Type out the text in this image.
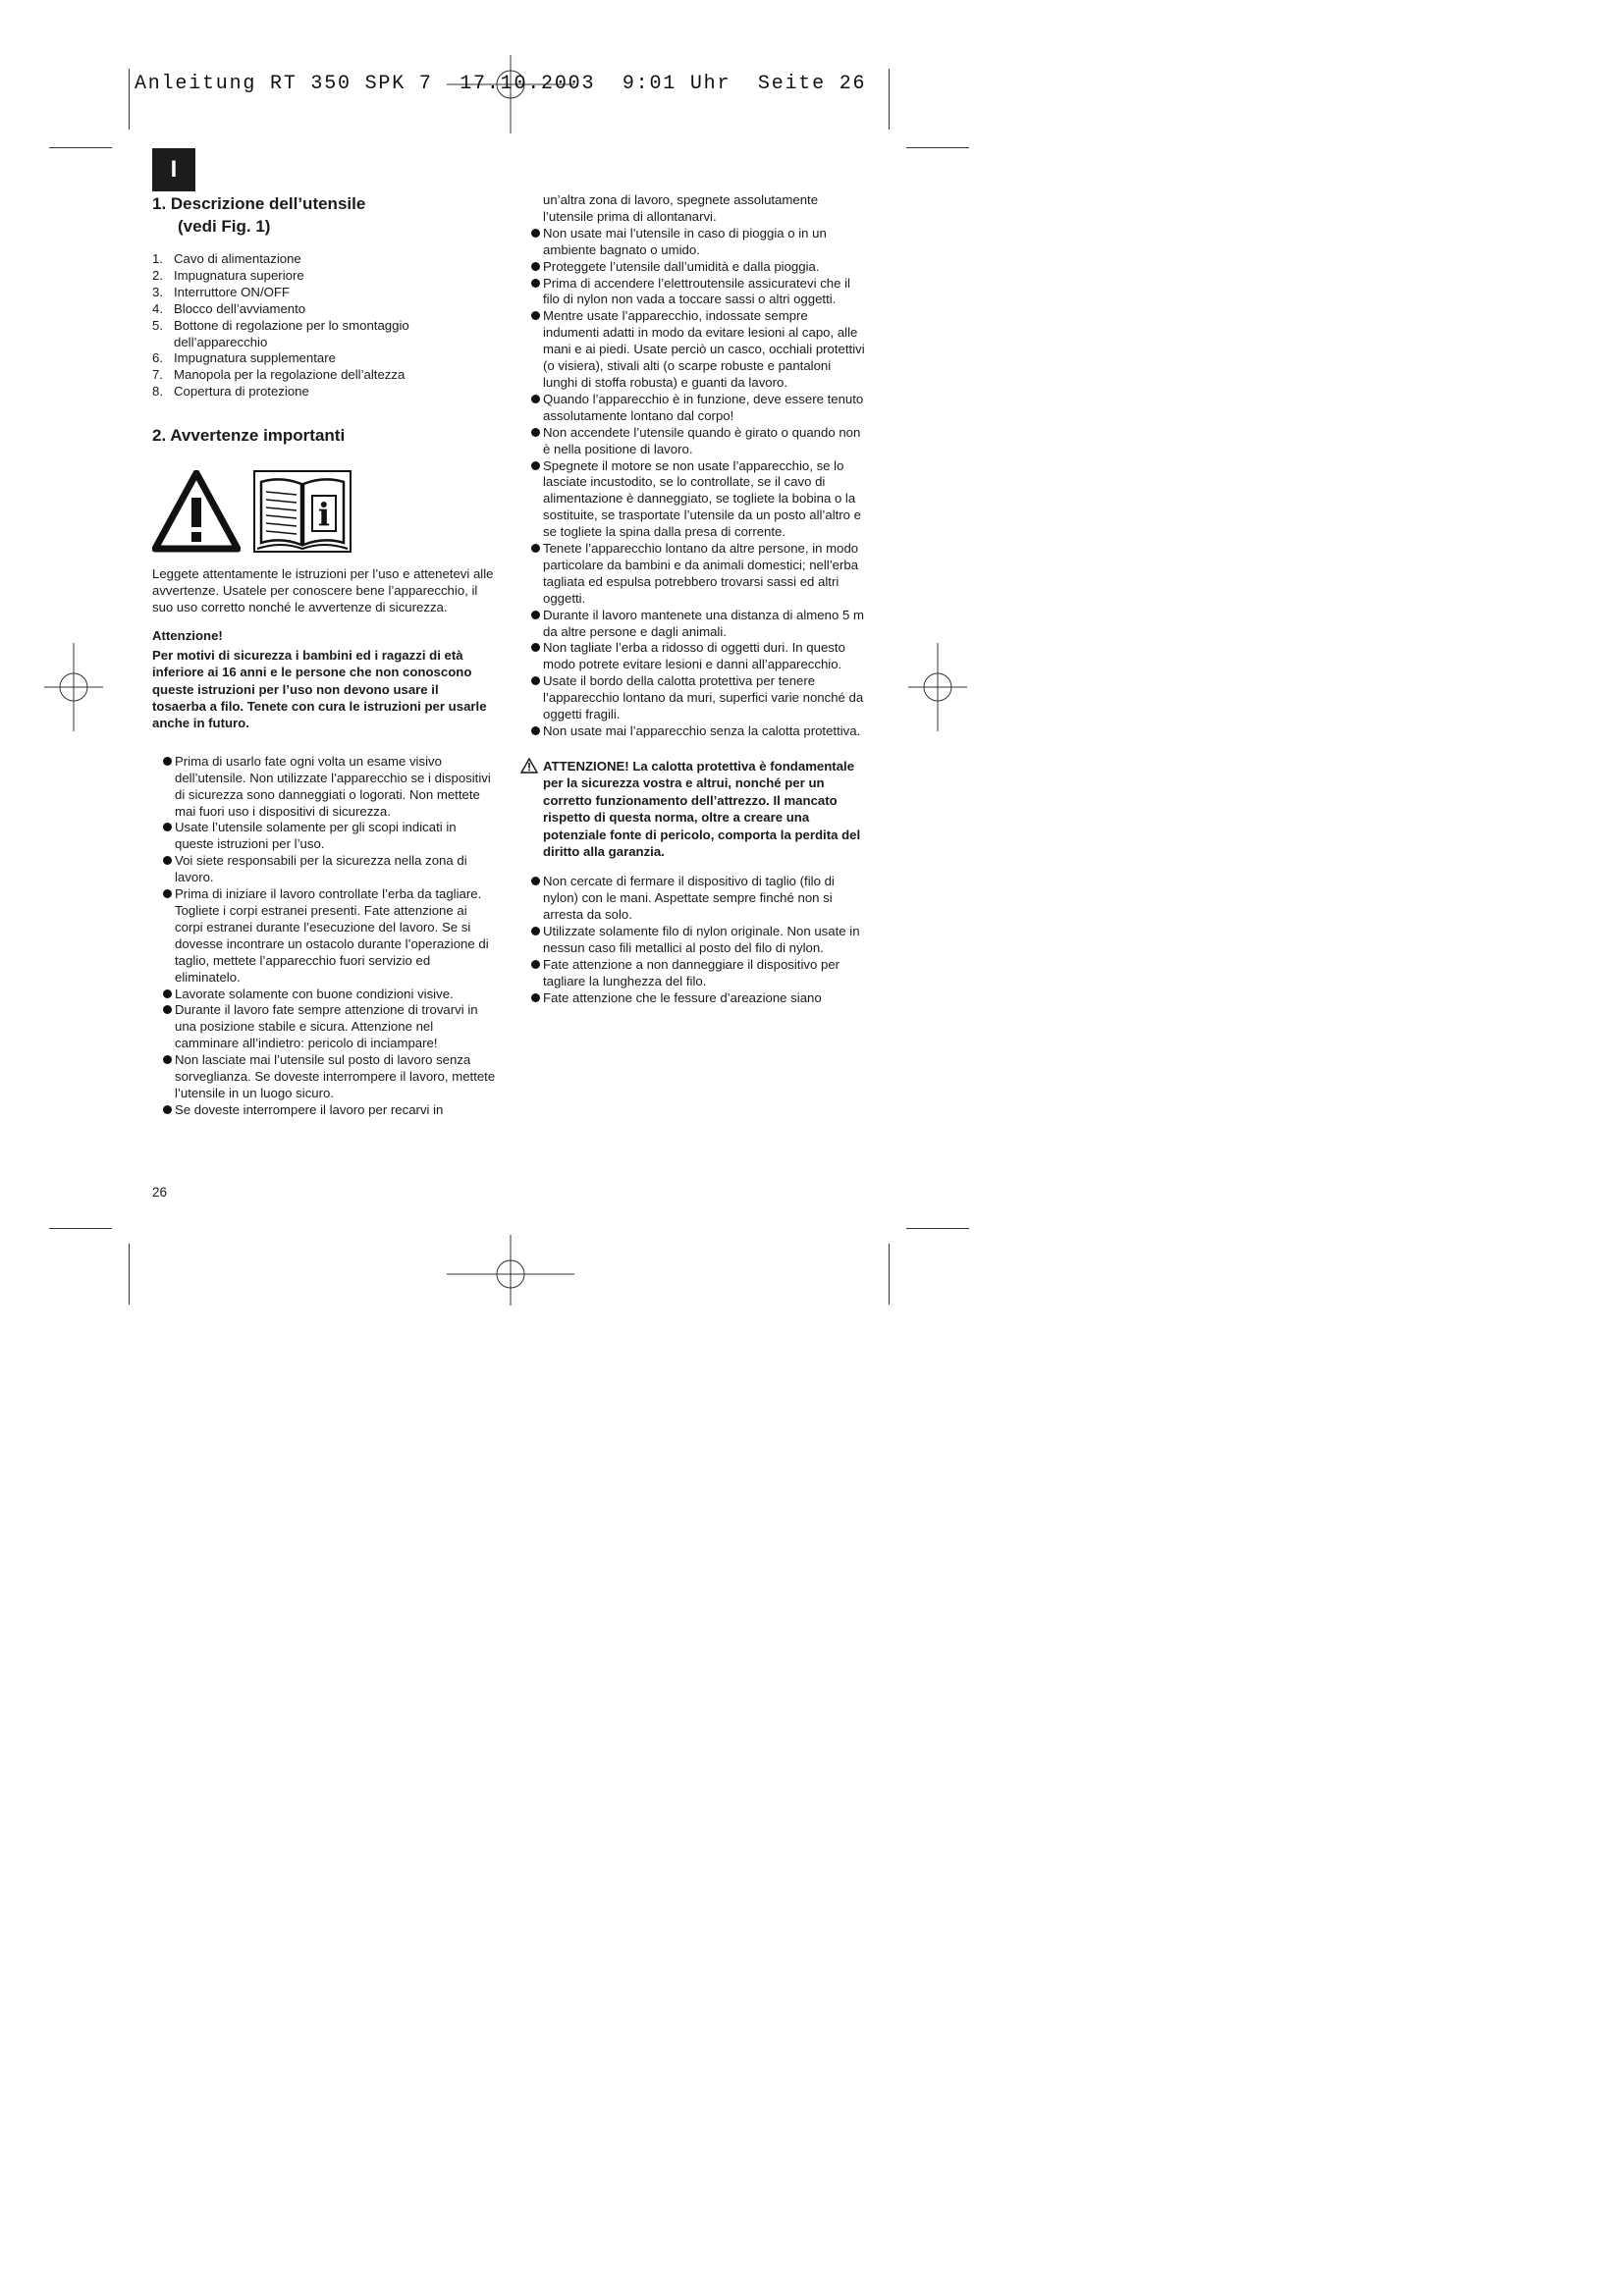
Anleitung RT 350 SPK 7  17.10.2003  9:01 Uhr  Seite 26
I
1. Descrizione dell’utensile
(vedi Fig. 1)
1. Cavo di alimentazione
2. Impugnatura superiore
3. Interruttore ON/OFF
4. Blocco dell’avviamento
5. Bottone di regolazione per lo smontaggio dell’apparecchio
6. Impugnatura supplementare
7. Manopola per la regolazione dell’altezza
8. Copertura di protezione
2. Avvertenze importanti
i

Leggete attentamente le istruzioni per l’uso e attenetevi alle avvertenze. Usatele per conoscere bene l’apparecchio, il suo uso corretto nonché le avvertenze di sicurezza.

Attenzione!

Per motivi di sicurezza i bambini ed i ragazzi di età inferiore ai 16 anni e le persone che non conoscono queste istruzioni per l’uso non devono usare il tosaerba a filo. Tenete con cura le istruzioni per usarle anche in futuro.

Prima di usarlo fate ogni volta un esame visivo dell’utensile. Non utilizzate l’apparecchio se i dispositivi di sicurezza sono danneggiati o logorati. Non mettete mai fuori uso i dispositivi di sicurezza.
Usate l’utensile solamente per gli scopi indicati in queste istruzioni per l’uso.
Voi siete responsabili per la sicurezza nella zona di lavoro.
Prima di iniziare il lavoro controllate l’erba da tagliare. Togliete i corpi estranei presenti. Fate attenzione ai corpi estranei durante l’esecuzione del lavoro. Se si dovesse incontrare un ostacolo durante l’operazione di taglio, mettete l’apparecchio fuori servizio ed eliminatelo.
Lavorate solamente con buone condizioni visive.
Durante il lavoro fate sempre attenzione di trovarvi in una posizione stabile e sicura. Attenzione nel camminare all’indietro: pericolo di inciampare!
Non lasciate mai l’utensile sul posto di lavoro senza sorveglianza. Se doveste interrompere il lavoro, mettete l’utensile in un luogo sicuro.
Se doveste interrompere il lavoro per recarvi in

un’altra zona di lavoro, spegnete assolutamente l’utensile prima di allontanarvi.

Non usate mai l’utensile in caso di pioggia o in un ambiente bagnato o umido.
Proteggete l’utensile dall’umidità e dalla pioggia.
Prima di accendere l’elettroutensile assicuratevi che il filo di nylon non vada a toccare sassi o altri oggetti.
Mentre usate l’apparecchio, indossate sempre indumenti adatti in modo da evitare lesioni al capo, alle mani e ai piedi. Usate perciò un casco, occhiali protettivi (o visiera), stivali alti (o scarpe robuste e pantaloni lunghi di stoffa robusta) e guanti da lavoro.
Quando l’apparecchio è in funzione, deve essere tenuto assolutamente lontano dal corpo!
Non accendete l’utensile quando è girato o quando non è nella positione di lavoro.
Spegnete il motore se non usate l’apparecchio, se lo lasciate incustodito, se lo controllate, se il cavo di alimentazione è danneggiato, se togliete la bobina o la sostituite, se trasportate l’utensile da un posto all’altro e se togliete la spina dalla presa di corrente.
Tenete l’apparecchio lontano da altre persone, in modo particolare da bambini e da animali domestici; nell’erba tagliata ed espulsa potrebbero trovarsi sassi ed altri oggetti.
Durante il lavoro mantenete una distanza di almeno 5 m da altre persone e dagli animali.
Non tagliate l’erba a ridosso di oggetti duri. In questo modo potrete evitare lesioni e danni all’apparecchio.
Usate il bordo della calotta protettiva per tenere l’apparecchio lontano da muri, superfici varie nonché da oggetti fragili.
Non usate mai l’apparecchio senza la calotta protettiva.
ATTENZIONE! La calotta protettiva è fondamentale per la sicurezza vostra e altrui, nonché per un corretto funzionamento dell’attrezzo. Il mancato rispetto di questa norma, oltre a creare una potenziale fonte di pericolo, comporta la perdita del diritto alla garanzia.
Non cercate di fermare il dispositivo di taglio (filo di nylon) con le mani. Aspettate sempre finché non si arresta da solo.
Utilizzate solamente filo di nylon originale. Non usate in nessun caso fili metallici al posto del filo di nylon.
Fate attenzione a non danneggiare il dispositivo per tagliare la lunghezza del filo.
Fate attenzione che le fessure d’areazione siano
26
